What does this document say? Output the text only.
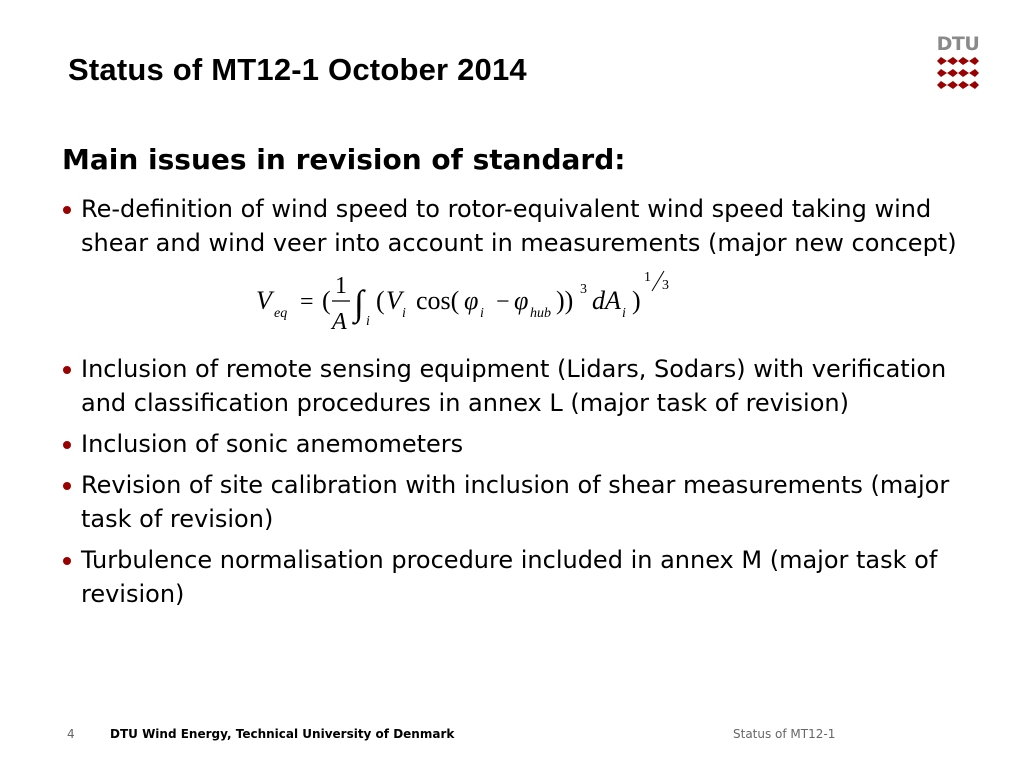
Status of MT12-1 October 2014
DTU
Main issues in revision of standard:
Re-definition of wind speed to rotor-equivalent wind speed taking wind shear and wind veer into account in measurements (major new concept)
V eq = ( 1
A ∫ i
( V i cos( φ i − φ hub )) 3 dA i )
1
3
Inclusion of remote sensing equipment (Lidars, Sodars) with verification and classification procedures in annex L (major task of revision)
Inclusion of sonic anemometers
Revision of site calibration with inclusion of shear measurements (major task of revision)
Turbulence normalisation procedure included in annex M (major task of revision)
4	DTU Wind Energy, Technical University of Denmark	Status of MT12-1
